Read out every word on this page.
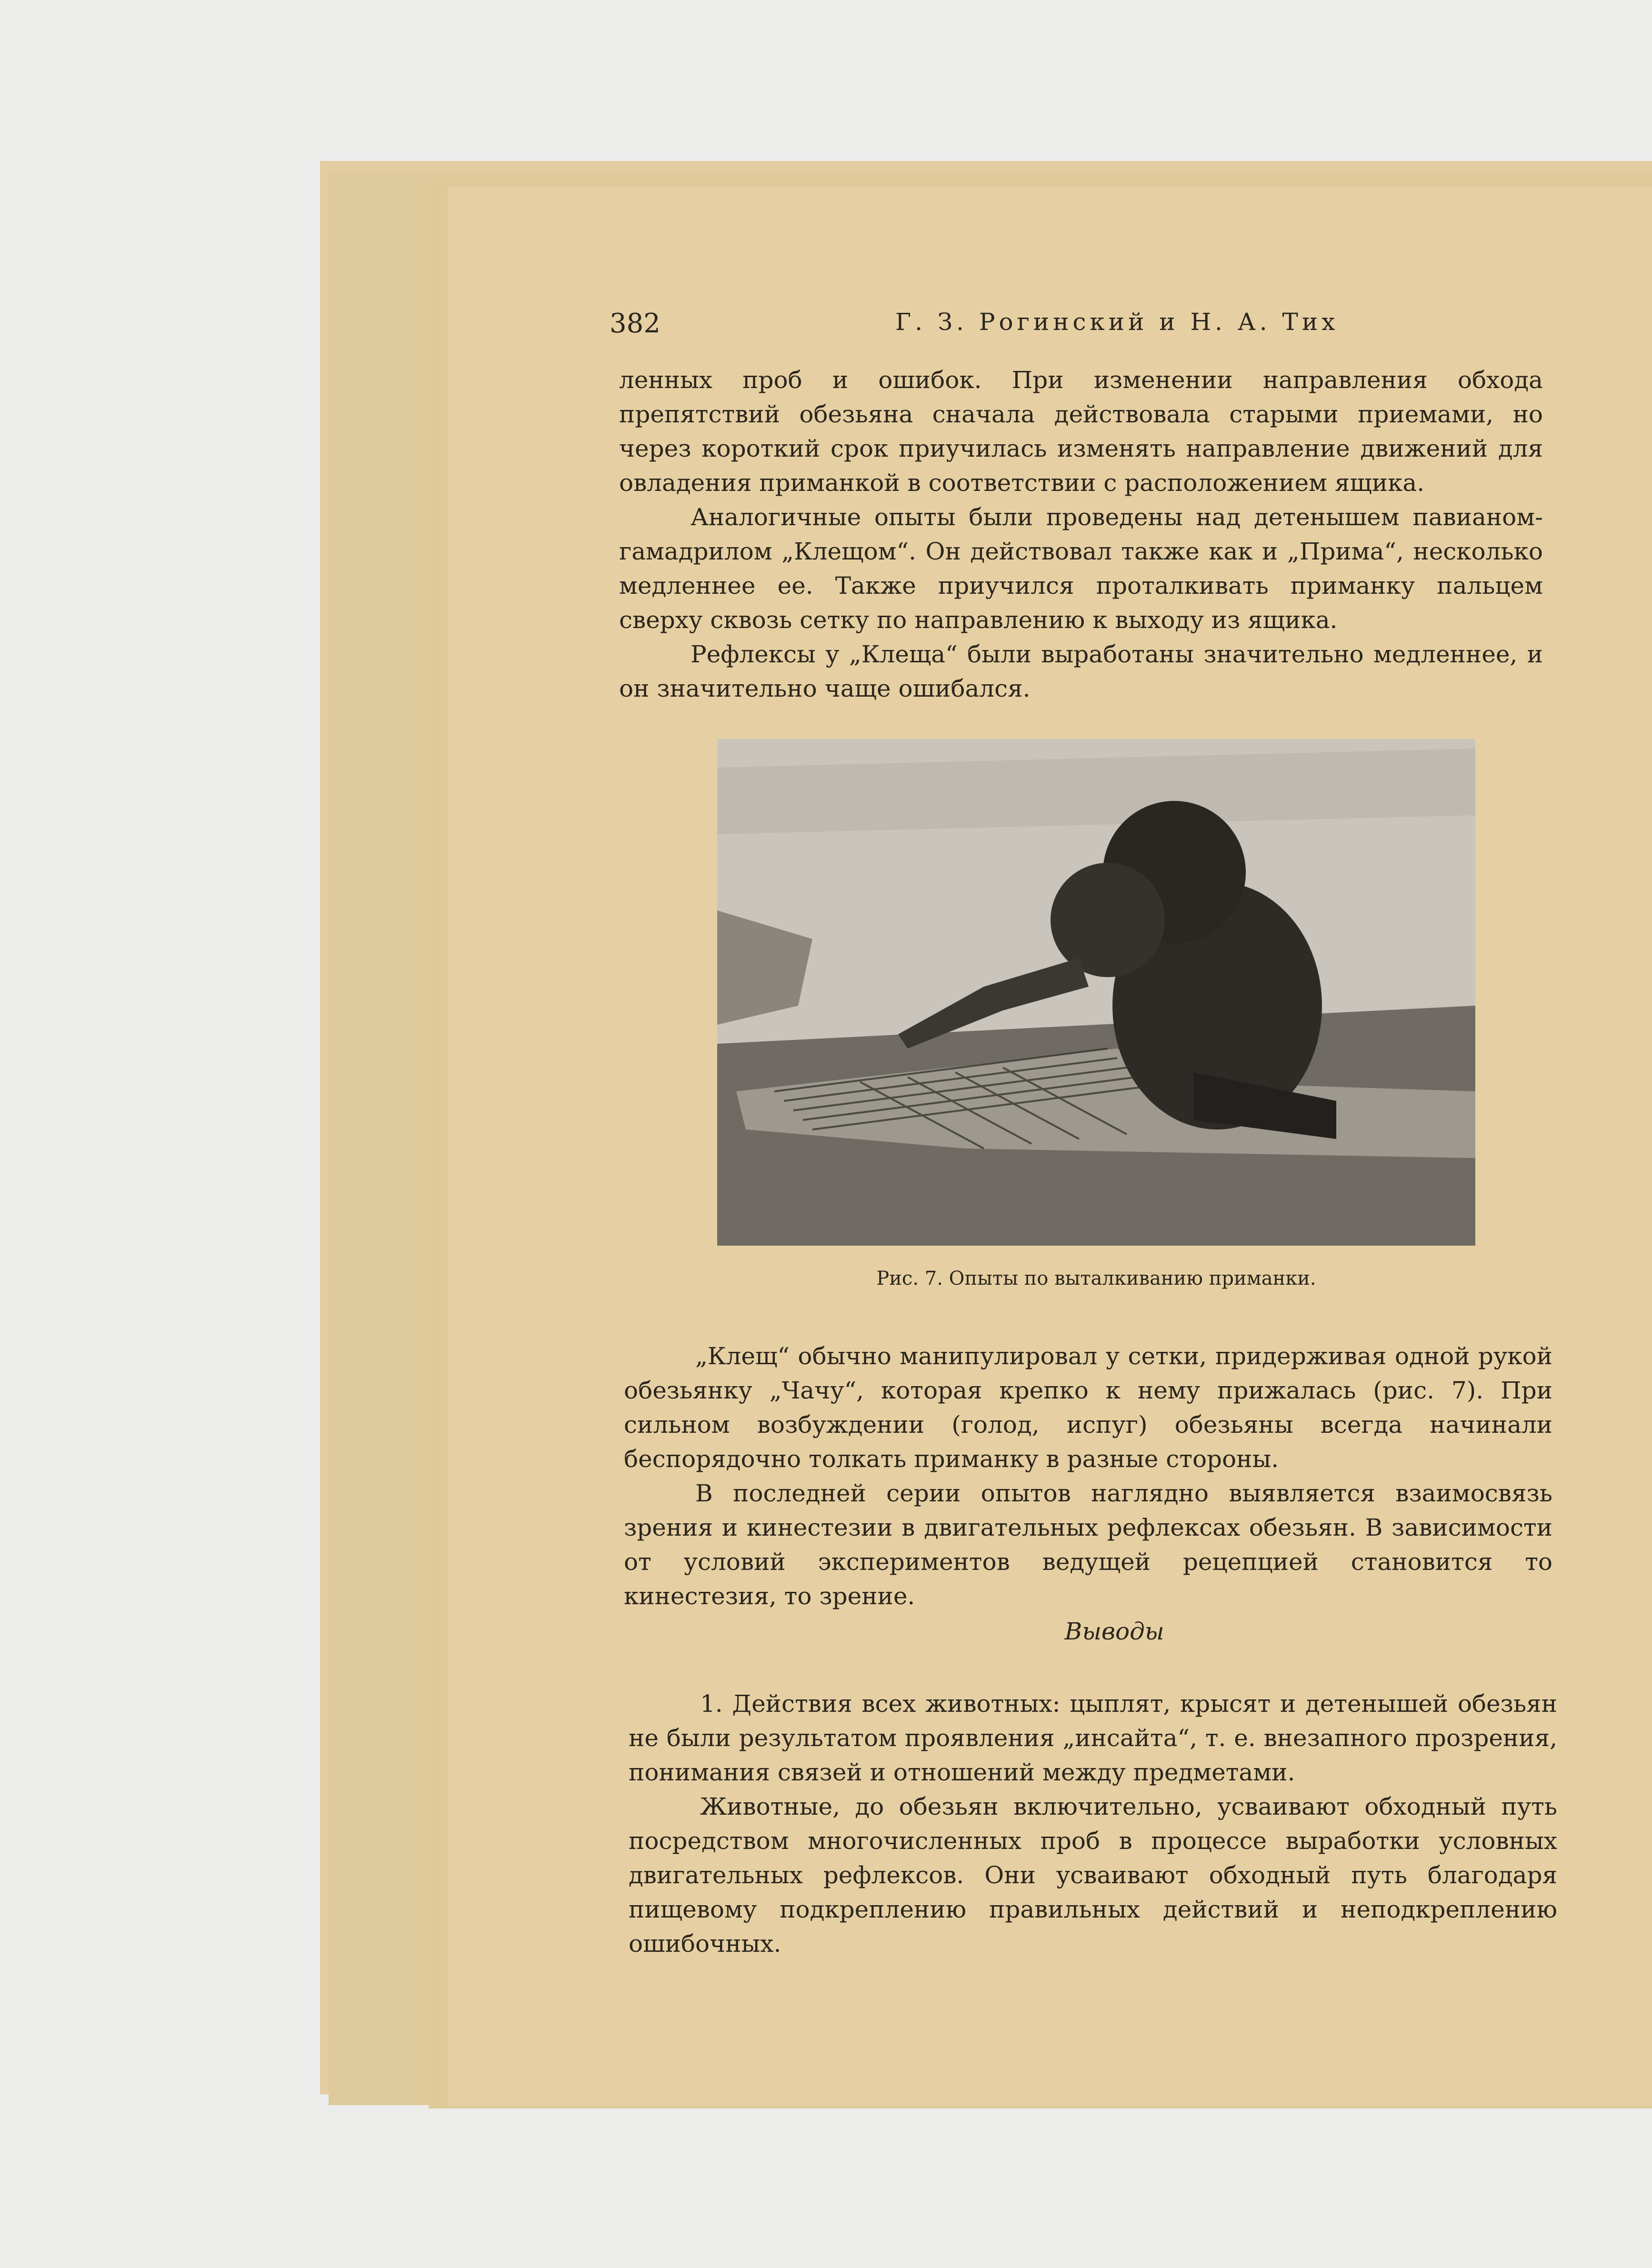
382	Г. З. Рогинский и Н. А. Тих

ленных проб и ошибок. При изменении направления обхода препятствий обезьяна сначала действовала старыми приемами, но через короткий срок приучилась изменять направление движений для овладения приманкой в соответствии с расположением ящика.

Аналогичные опыты были проведены над детенышем павианом-гамадрилом „Клещом“. Он действовал также как и „Прима“, несколько медленнее ее. Также приучился проталкивать приманку пальцем сверху сквозь сетку по направлению к выходу из ящика.

Рефлексы у „Клеща“ были выработаны значительно медленнее, и он значительно чаще ошибался.

Рис. 7. Опыты по выталкиванию приманки.

„Клещ“ обычно манипулировал у сетки, придерживая одной рукой обезьянку „Чачу“, которая крепко к нему прижалась (рис. 7). При сильном возбуждении (голод, испуг) обезьяны всегда начинали беспорядочно толкать приманку в разные стороны.

В последней серии опытов наглядно выявляется взаимосвязь зрения и кинестезии в двигательных рефлексах обезьян. В зависимости от условий экспериментов ведущей рецепцией становится то кинестезия, то зрение.

Выводы

1. Действия всех животных: цыплят, крысят и детенышей обезьян не были результатом проявления „инсайта“, т. е. внезапного прозрения, понимания связей и отношений между предметами.

Животные, до обезьян включительно, усваивают обходный путь посредством многочисленных проб в процессе выработки условных двигательных рефлексов. Они усваивают обходный путь благодаря пищевому подкреплению правильных действий и неподкреплению ошибочных.
